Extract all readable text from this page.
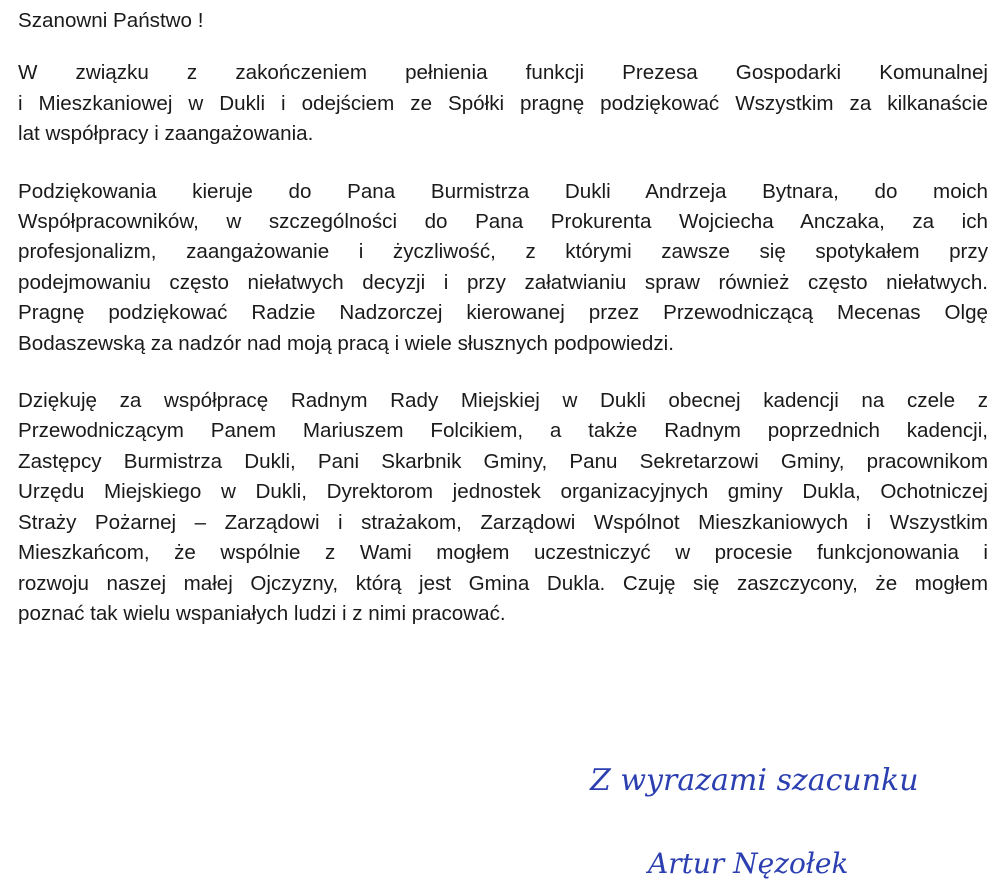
Szanowni Państwo !
W związku z zakończeniem pełnienia funkcji Prezesa Gospodarki Komunalnej
i Mieszkaniowej w Dukli i odejściem ze Spółki pragnę podziękować Wszystkim za kilkanaście
lat współpracy i zaangażowania.
Podziękowania kieruje do Pana Burmistrza Dukli Andrzeja Bytnara, do moich
Współpracowników, w szczególności do Pana Prokurenta Wojciecha Anczaka, za ich
profesjonalizm, zaangażowanie i życzliwość, z którymi zawsze się spotykałem przy
podejmowaniu często niełatwych decyzji i przy załatwianiu spraw również często niełatwych.
Pragnę podziękować Radzie Nadzorczej kierowanej przez Przewodniczącą Mecenas Olgę
Bodaszewską za nadzór nad moją pracą i wiele słusznych podpowiedzi.
Dziękuję za współpracę Radnym Rady Miejskiej w Dukli obecnej kadencji na czele z
Przewodniczącym Panem Mariuszem Folcikiem, a także Radnym poprzednich kadencji,
Zastępcy Burmistrza Dukli, Pani Skarbnik Gminy, Panu Sekretarzowi Gminy, pracownikom
Urzędu Miejskiego w Dukli, Dyrektorom jednostek organizacyjnych gminy Dukla, Ochotniczej
Straży Pożarnej – Zarządowi i strażakom, Zarządowi Wspólnot Mieszkaniowych i Wszystkim
Mieszkańcom, że wspólnie z Wami mogłem uczestniczyć w procesie funkcjonowania i
rozwoju naszej małej Ojczyzny, którą jest Gmina Dukla. Czuję się zaszczycony, że mogłem
poznać tak wielu wspaniałych ludzi i z nimi pracować.
Z wyrazami szacunku
Artur Nęzołek
